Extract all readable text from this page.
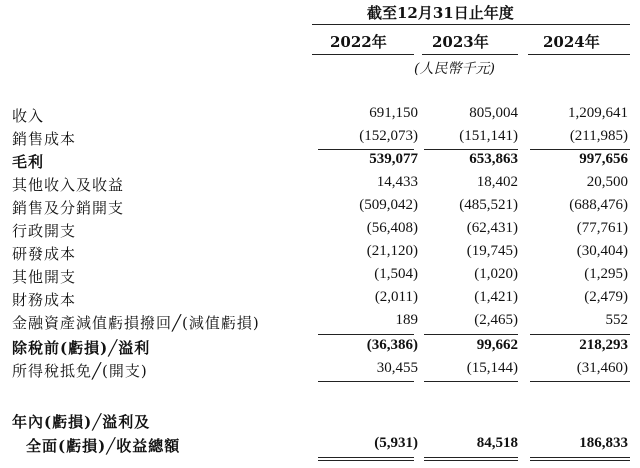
截至12月31日止年度
2022年	2023年	2024年
(人民幣千元)
收入	691,150	805,004	1,209,641
銷售成本	(152,073)	(151,141)	(211,985)
毛利	539,077	653,863	997,656
其他收入及收益	14,433	18,402	20,500
銷售及分銷開支	(509,042)	(485,521)	(688,476)
行政開支	(56,408)	(62,431)	(77,761)
研發成本	(21,120)	(19,745)	(30,404)
其他開支	(1,504)	(1,020)	(1,295)
財務成本	(2,011)	(1,421)	(2,479)
金融資產減值虧損撥回╱(減值虧損)	189	(2,465)	552
除稅前(虧損)╱溢利	(36,386)	99,662	218,293
所得稅抵免╱(開支)	30,455	(15,144)	(31,460)
年內(虧損)╱溢利及
全面(虧損)╱收益總額	(5,931)	84,518	186,833
